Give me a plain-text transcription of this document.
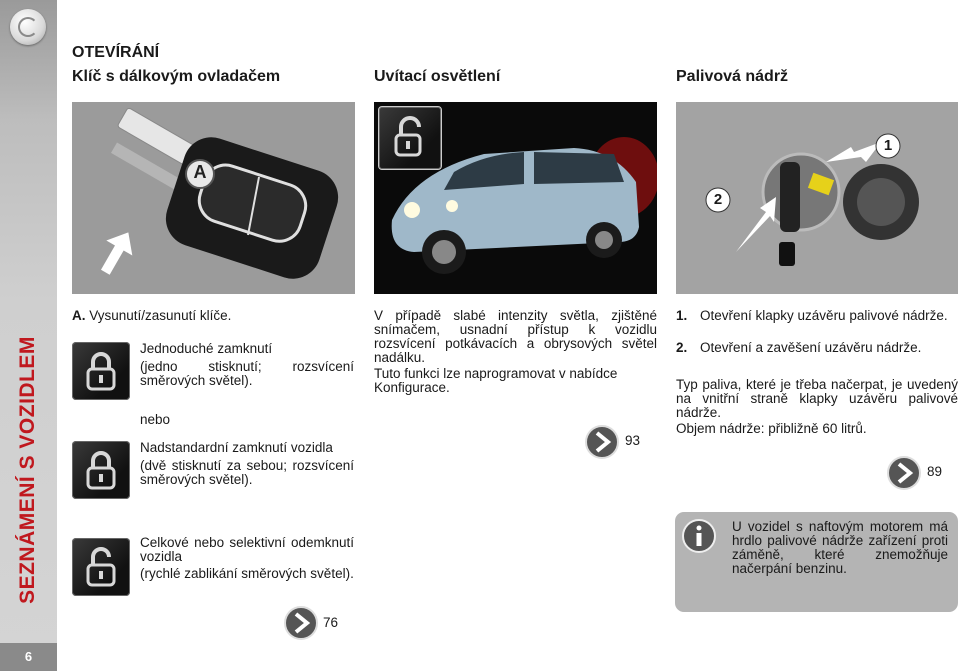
SEZNÁMENÍ S VOZIDLEM
6
OTEVÍRÁNÍ
Klíč s dálkovým ovladačem	Uvítací osvětlení	Palivová nádrž
A
1
2
A. Vysunutí/zasunutí klíče.
Jednoduché zamknutí
(jedno stisknutí; rozsvícení směrových světel).
nebo
Nadstandardní zamknutí vozidla
(dvě stisknutí za sebou; rozsvícení směrových světel).
Celkové nebo selektivní odemknutí vozidla
(rychlé zablikání směrových světel).
76
V případě slabé intenzity světla, zjištěné snímačem, usnadní přístup k vozidlu rozsvícení potkávacích a obrysových světel nadálku.
Tuto funkci lze naprogramovat v nabídce Konfigurace.
93
1. Otevření klapky uzávěru palivové nádrže.
2. Otevření a zavěšení uzávěru nádrže.
Typ paliva, které je třeba načerpat, je uvedený na vnitřní straně klapky uzávěru palivové nádrže.
Objem nádrže: přibližně 60 litrů.
89
U vozidel s naftovým motorem má hrdlo palivové nádrže zařízení proti záměně, které znemožňuje načerpání benzinu.
